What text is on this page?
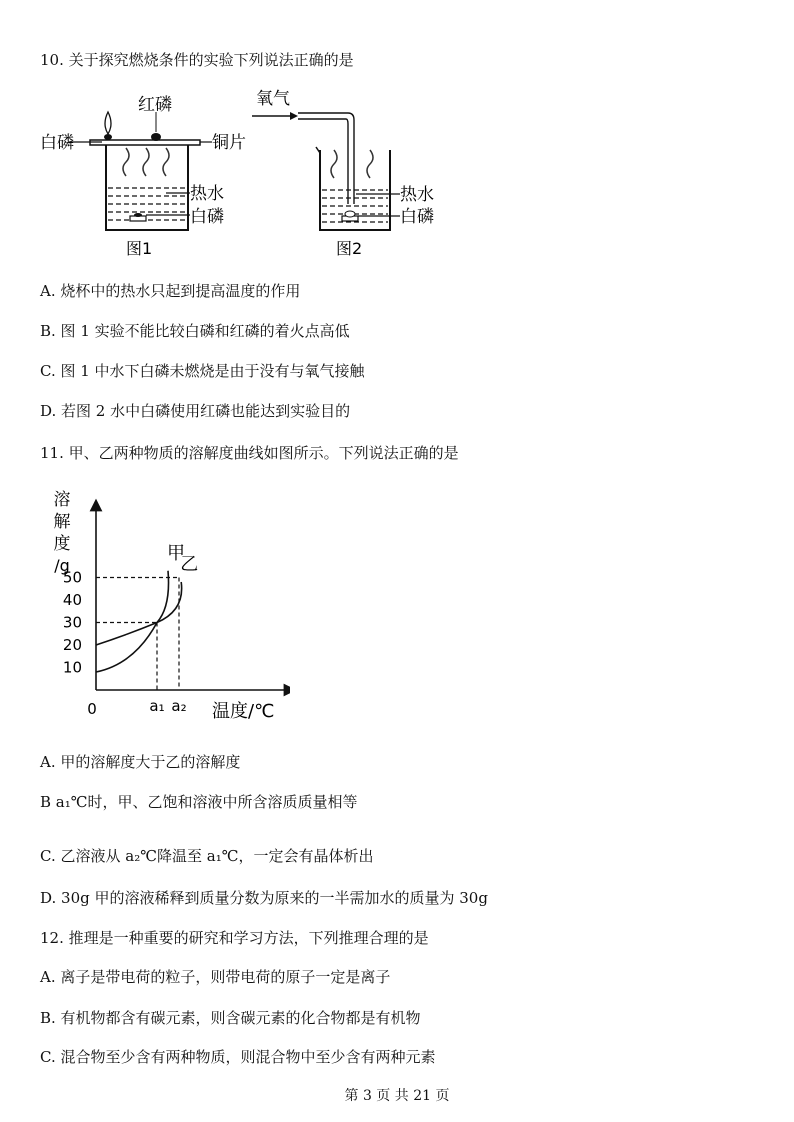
10. 关于探究燃烧条件的实验下列说法正确的是
白磷
红磷
铜片
热水
白磷
图1
氧气
热水
白磷
图2
A. 烧杯中的热水只起到提高温度的作用
B. 图 1 实验不能比较白磷和红磷的着火点高低
C. 图 1 中水下白磷未燃烧是由于没有与氧气接触
D. 若图 2 水中白磷使用红磷也能达到实验目的
11. 甲、乙两种物质的溶解度曲线如图所示。下列说法正确的是
溶
解
度
/g
50
40
30
20
10
a₁ a₂
甲
乙
0	温度/℃
A. 甲的溶解度大于乙的溶解度
B a₁℃时，甲、乙饱和溶液中所含溶质质量相等
C. 乙溶液从 a₂℃降温至 a₁℃，一定会有晶体析出
D. 30g 甲的溶液稀释到质量分数为原来的一半需加水的质量为 30g
12. 推理是一种重要的研究和学习方法，下列推理合理的是
A. 离子是带电荷的粒子，则带电荷的原子一定是离子
B. 有机物都含有碳元素，则含碳元素的化合物都是有机物
C. 混合物至少含有两种物质，则混合物中至少含有两种元素
第 3 页 共 21 页
